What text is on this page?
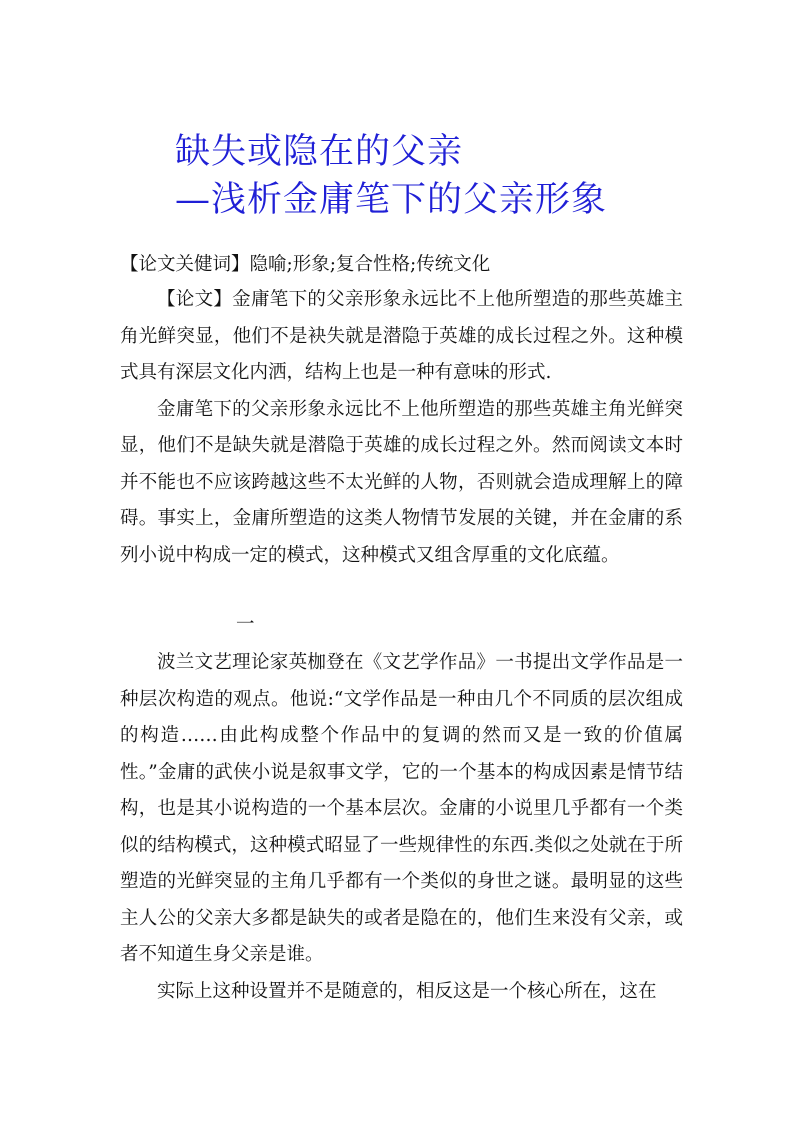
缺失或隐在的父亲
—浅析金庸笔下的父亲形象
【论文关健词】隐喻;形象;复合性格;传统文化

【论文】金庸笔下的父亲形象永远比不上他所塑造的那些英雄主角光鲜突显，他们不是袂失就是潜隐于英雄的成长过程之外。这种模式具有深层文化内洒，结构上也是一种有意味的形式.

金庸笔下的父亲形象永远比不上他所塑造的那些英雄主角光鲜突显，他们不是缺失就是潜隐于英雄的成长过程之外。然而阅读文本时并不能也不应该跨越这些不太光鲜的人物，否则就会造成理解上的障碍。事实上，金庸所塑造的这类人物情节发展的关键，并在金庸的系列小说中构成一定的模式，这种模式又组含厚重的文化底蕴。

一

波兰文艺理论家英枷登在《文艺学作品》一书提出文学作品是一种层次构造的观点。他说:“文学作品是一种由几个不同质的层次组成的构造……由此构成整个作品中的复调的然而又是一致的价值属性。”金庸的武侠小说是叙事文学，它的一个基本的构成因素是情节结构，也是其小说构造的一个基本层次。金庸的小说里几乎都有一个类似的结构模式，这种模式昭显了一些规律性的东西.类似之处就在于所塑造的光鲜突显的主角几乎都有一个类似的身世之谜。最明显的这些主人公的父亲大多都是缺失的或者是隐在的，他们生来没有父亲，或者不知道生身父亲是谁。

实际上这种设置并不是随意的，相反这是一个核心所在，这在
